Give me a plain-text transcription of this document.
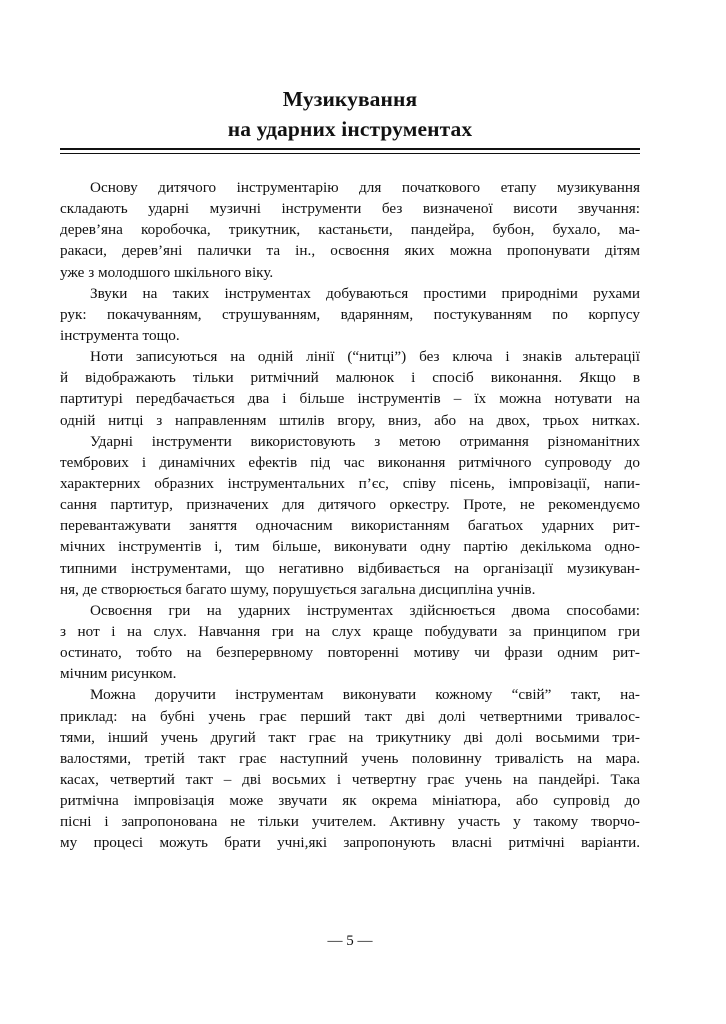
Музикування
на ударних інструментах
Основу дитячого інструментарію для початкового етапу музикування
складають ударні музичні інструменти без визначеної висоти звучання:
дерев’яна коробочка, трикутник, кастаньєти, пандейра, бубон, бухало, ма-
ракаси, дерев’яні палички та ін., освоєння яких можна пропонувати дітям
уже з молодшого шкільного віку.
Звуки на таких інструментах добуваються простими природніми рухами
рук: покачуванням, струшуванням, вдарянням, постукуванням по корпусу
інструмента тощо.
Ноти записуються на одній лінії (“нитці”) без ключа і знаків альтерації
й відображають тільки ритмічний малюнок і спосіб виконання. Якщо в
партитурі передбачається два і більше інструментів – їх можна нотувати на
одній нитці з направленням штилів вгору, вниз, або на двох, трьох нитках.
Ударні інструменти використовують з метою отримання різноманітних
тембрових і динамічних ефектів під час виконання ритмічного супроводу до
характерних образних інструментальних п’єс, співу пісень, імпровізації, напи-
сання партитур, призначених для дитячого оркестру. Проте, не рекомендуємо
перевантажувати заняття одночасним використанням багатьох ударних рит-
мічних інструментів і, тим більше, виконувати одну партію декількома одно-
типними інструментами, що негативно відбивається на організації музикуван-
ня, де створюється багато шуму, порушується загальна дисципліна учнів.
Освоєння гри на ударних інструментах здійснюється двома способами:
з нот і на слух. Навчання гри на слух краще побудувати за принципом гри
остинато, тобто на безперервному повторенні мотиву чи фрази одним рит-
мічним рисунком.
Можна доручити інструментам виконувати кожному “свій” такт, на-
приклад: на бубні учень грає перший такт дві долі четвертними тривалос-
тями, інший учень другий такт грає на трикутнику дві долі восьмими три-
валостями, третій такт грає наступний учень половинну тривалість на мара.
касах, четвертий такт – дві восьмих і четвертну грає учень на пандейрі. Така
ритмічна імпровізація може звучати як окрема мініатюра, або супровід до
пісні і запропонована не тільки учителем. Активну участь у такому творчо-
му процесі можуть брати учні,які запропонують власні ритмічні варіанти.
— 5 —
